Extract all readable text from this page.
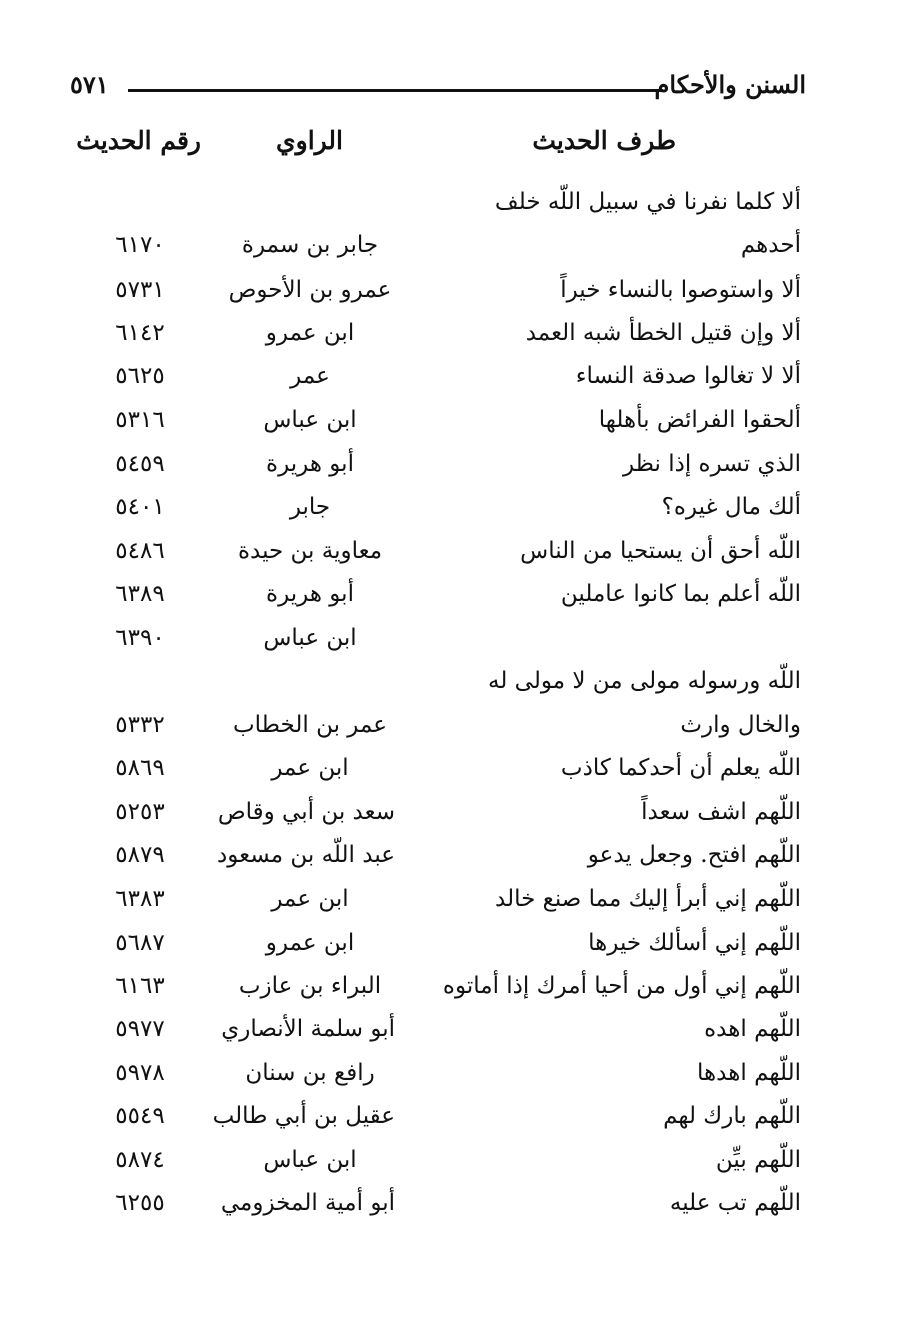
السنن والأحكام
٥٧١
طرف الحديث
الراوي
رقم الحديث
ألا كلما نفرنا في سبيل اللّه خلف
أحدهم
جابر بن سمرة
٦١٧٠
ألا واستوصوا بالنساء خيراً
عمرو بن الأحوص
٥٧٣١
ألا وإن قتيل الخطأ شبه العمد
ابن عمرو
٦١٤٢
ألا لا تغالوا صدقة النساء
عمر
٥٦٢٥
ألحقوا الفرائض بأهلها
ابن عباس
٥٣١٦
الذي تسره إذا نظر
أبو هريرة
٥٤٥٩
ألك مال غيره؟
جابر
٥٤٠١
اللّه أحق أن يستحيا من الناس
معاوية بن حيدة
٥٤٨٦
اللّه أعلم بما كانوا عاملين
أبو هريرة
٦٣٨٩
ابن عباس
٦٣٩٠
اللّه ورسوله مولى من لا مولى له
والخال وارث
عمر بن الخطاب
٥٣٣٢
اللّه يعلم أن أحدكما كاذب
ابن عمر
٥٨٦٩
اللّهم اشف سعداً
سعد بن أبي وقاص
٥٢٥٣
اللّهم افتح. وجعل يدعو
عبد اللّه بن مسعود
٥٨٧٩
اللّهم إني أبرأ إليك مما صنع خالد
ابن عمر
٦٣٨٣
اللّهم إني أسألك خيرها
ابن عمرو
٥٦٨٧
اللّهم إني أول من أحيا أمرك إذا أماتوه
البراء بن عازب
٦١٦٣
اللّهم اهده
أبو سلمة الأنصاري
٥٩٧٧
اللّهم اهدها
رافع بن سنان
٥٩٧٨
اللّهم بارك لهم
عقيل بن أبي طالب
٥٥٤٩
اللّهم بيِّن
ابن عباس
٥٨٧٤
اللّهم تب عليه
أبو أمية المخزومي
٦٢٥٥
